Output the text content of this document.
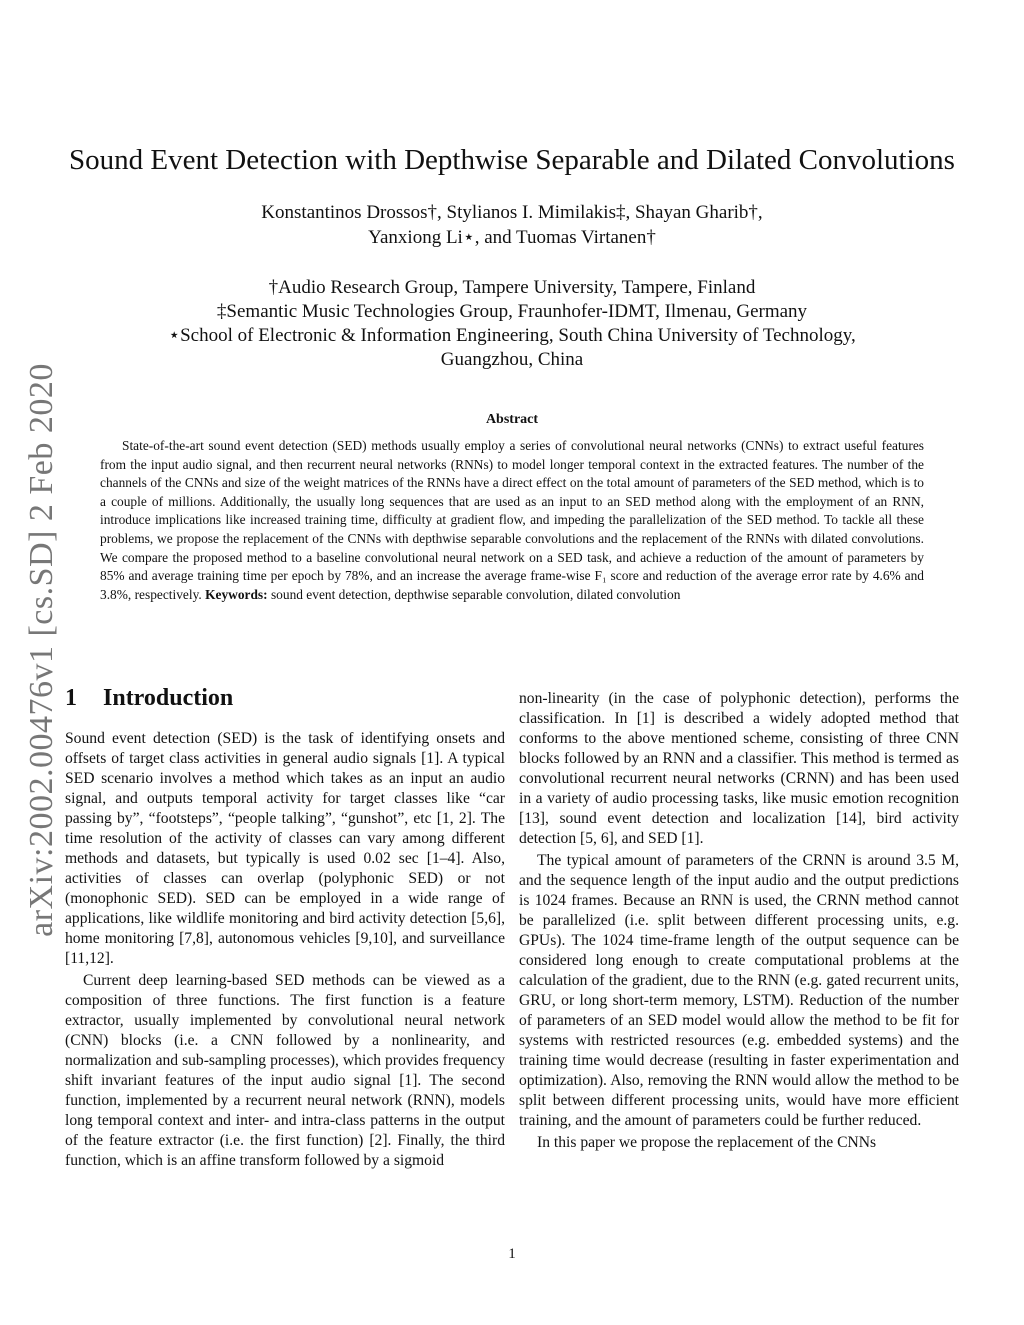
arXiv:2002.00476v1 [cs.SD] 2 Feb 2020
Sound Event Detection with Depthwise Separable and Dilated Convolutions
Konstantinos Drossos†, Stylianos I. Mimilakis‡, Shayan Gharib†,
Yanxiong Li⋆, and Tuomas Virtanen†
†Audio Research Group, Tampere University, Tampere, Finland
‡Semantic Music Technologies Group, Fraunhofer-IDMT, Ilmenau, Germany
⋆School of Electronic & Information Engineering, South China University of Technology,
Guangzhou, China
Abstract

State-of-the-art sound event detection (SED) methods usually employ a series of convolutional neural networks (CNNs) to extract useful features from the input audio signal, and then recurrent neural networks (RNNs) to model longer temporal context in the extracted features. The number of the channels of the CNNs and size of the weight matrices of the RNNs have a direct effect on the total amount of parameters of the SED method, which is to a couple of millions. Additionally, the usually long sequences that are used as an input to an SED method along with the employment of an RNN, introduce implications like increased training time, difficulty at gradient flow, and impeding the parallelization of the SED method. To tackle all these problems, we propose the replacement of the CNNs with depthwise separable convolutions and the replacement of the RNNs with dilated convolutions. We compare the proposed method to a baseline convolutional neural network on a SED task, and achieve a reduction of the amount of parameters by 85% and average training time per epoch by 78%, and an increase the average frame-wise F₁ score and reduction of the average error rate by 4.6% and 3.8%, respectively. Keywords: sound event detection, depthwise separable convolution, dilated convolution

1 Introduction

Sound event detection (SED) is the task of identifying onsets and offsets of target class activities in general audio signals [1]. A typical SED scenario involves a method which takes as an input an audio signal, and outputs temporal activity for target classes like “car passing by”, “footsteps”, “people talking”, “gunshot”, etc [1, 2]. The time resolution of the activity of classes can vary among different methods and datasets, but typically is used 0.02 sec [1–4]. Also, activities of classes can overlap (polyphonic SED) or not (monophonic SED). SED can be employed in a wide range of applications, like wildlife monitoring and bird activity detection [5,6], home monitoring [7,8], autonomous vehicles [9,10], and surveillance [11,12].

Current deep learning-based SED methods can be viewed as a composition of three functions. The first function is a feature extractor, usually implemented by convolutional neural network (CNN) blocks (i.e. a CNN followed by a nonlinearity, and normalization and sub-sampling processes), which provides frequency shift invariant features of the input audio signal [1]. The second function, implemented by a recurrent neural network (RNN), models long temporal context and inter- and intra-class patterns in the output of the feature extractor (i.e. the first function) [2]. Finally, the third function, which is an affine transform followed by a sigmoid

non-linearity (in the case of polyphonic detection), performs the classification. In [1] is described a widely adopted method that conforms to the above mentioned scheme, consisting of three CNN blocks followed by an RNN and a classifier. This method is termed as convolutional recurrent neural networks (CRNN) and has been used in a variety of audio processing tasks, like music emotion recognition [13], sound event detection and localization [14], bird activity detection [5, 6], and SED [1].

The typical amount of parameters of the CRNN is around 3.5 M, and the sequence length of the input audio and the output predictions is 1024 frames. Because an RNN is used, the CRNN method cannot be parallelized (i.e. split between different processing units, e.g. GPUs). The 1024 time-frame length of the output sequence can be considered long enough to create computational problems at the calculation of the gradient, due to the RNN (e.g. gated recurrent units, GRU, or long short-term memory, LSTM). Reduction of the number of parameters of an SED model would allow the method to be fit for systems with restricted resources (e.g. embedded systems) and the training time would decrease (resulting in faster experimentation and optimization). Also, removing the RNN would allow the method to be split between different processing units, would have more efficient training, and the amount of parameters could be further reduced.

In this paper we propose the replacement of the CNNs

1
